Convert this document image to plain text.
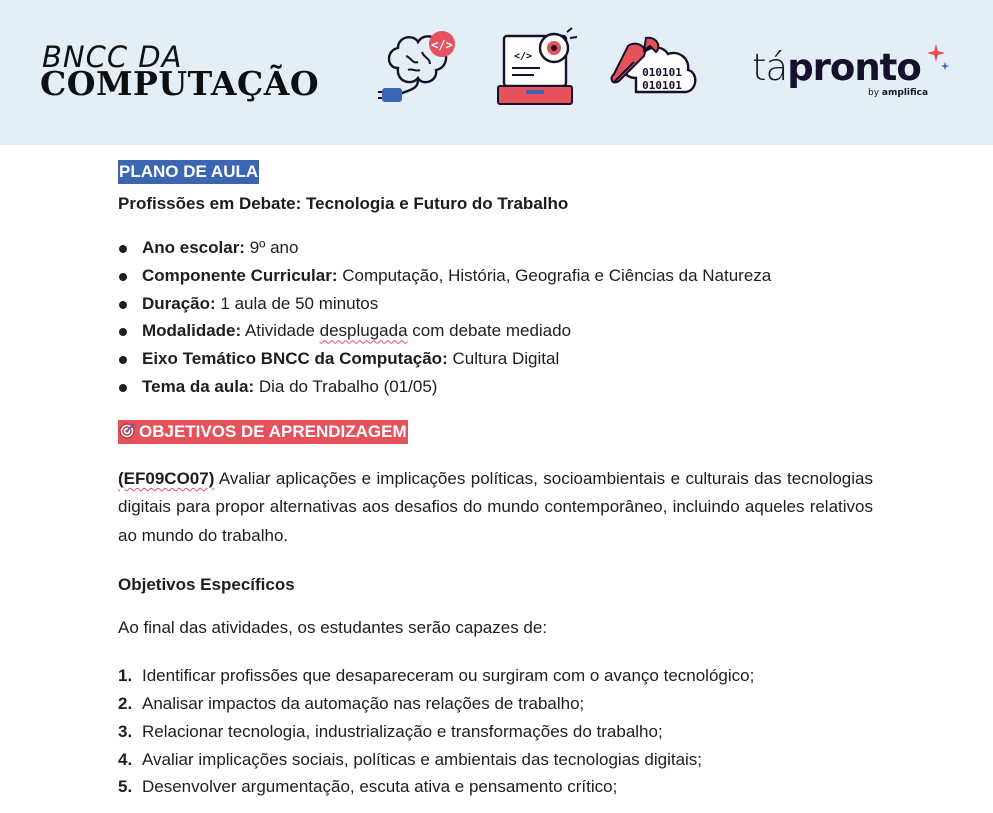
BNCC DA
COMPUTAÇÃO
</>
</>
010101
010101 tápronto
by amplifica
PLANO DE AULA
Profissões em Debate: Tecnologia e Futuro do Trabalho
Ano escolar: 9º ano
Componente Curricular: Computação, História, Geografia e Ciências da Natureza
Duração: 1 aula de 50 minutos
Modalidade: Atividade desplugada com debate mediado
Eixo Temático BNCC da Computação: Cultura Digital
Tema da aula: Dia do Trabalho (01/05)
OBJETIVOS DE APRENDIZAGEM
(EF09CO07) Avaliar aplicações e implicações políticas, socioambientais e culturais das tecnologias digitais para propor alternativas aos desafios do mundo contemporâneo, incluindo aqueles relativos ao mundo do trabalho.
Objetivos Específicos
Ao final das atividades, os estudantes serão capazes de:
1. Identificar profissões que desapareceram ou surgiram com o avanço tecnológico;
2. Analisar impactos da automação nas relações de trabalho;
3. Relacionar tecnologia, industrialização e transformações do trabalho;
4. Avaliar implicações sociais, políticas e ambientais das tecnologias digitais;
5. Desenvolver argumentação, escuta ativa e pensamento crítico;
